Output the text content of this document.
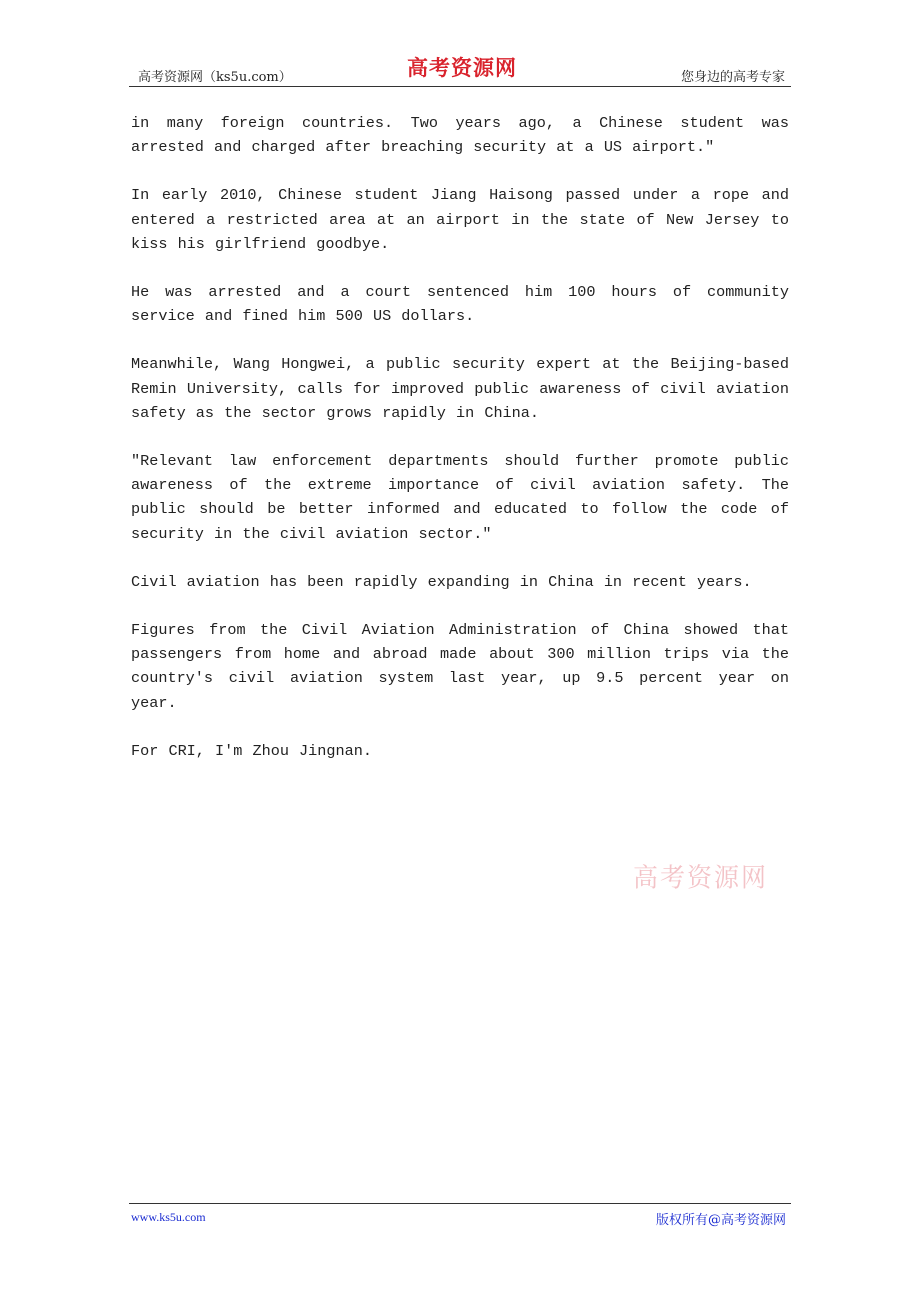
高考资源网（ks5u.com）	高考资源网	您身边的高考专家

in many foreign countries. Two years ago, a Chinese student was arrested and charged after breaching security at a US airport."

In early 2010, Chinese student Jiang Haisong passed under a rope and entered a restricted area at an airport in the state of New Jersey to kiss his girlfriend goodbye.

He was arrested and a court sentenced him 100 hours of community service and fined him 500 US dollars.

Meanwhile, Wang Hongwei, a public security expert at the Beijing-based Remin University, calls for improved public awareness of civil aviation safety as the sector grows rapidly in China.

"Relevant law enforcement departments should further promote public awareness of the extreme importance of civil aviation safety. The public should be better informed and educated to follow the code of security in the civil aviation sector."

Civil aviation has been rapidly expanding in China in recent years.

Figures from the Civil Aviation Administration of China showed that passengers from home and abroad made about 300 million trips via the country's civil aviation system last year, up 9.5 percent year on year.

For CRI, I'm Zhou Jingnan.

高考资源网
www.ks5u.com	版权所有@高考资源网
